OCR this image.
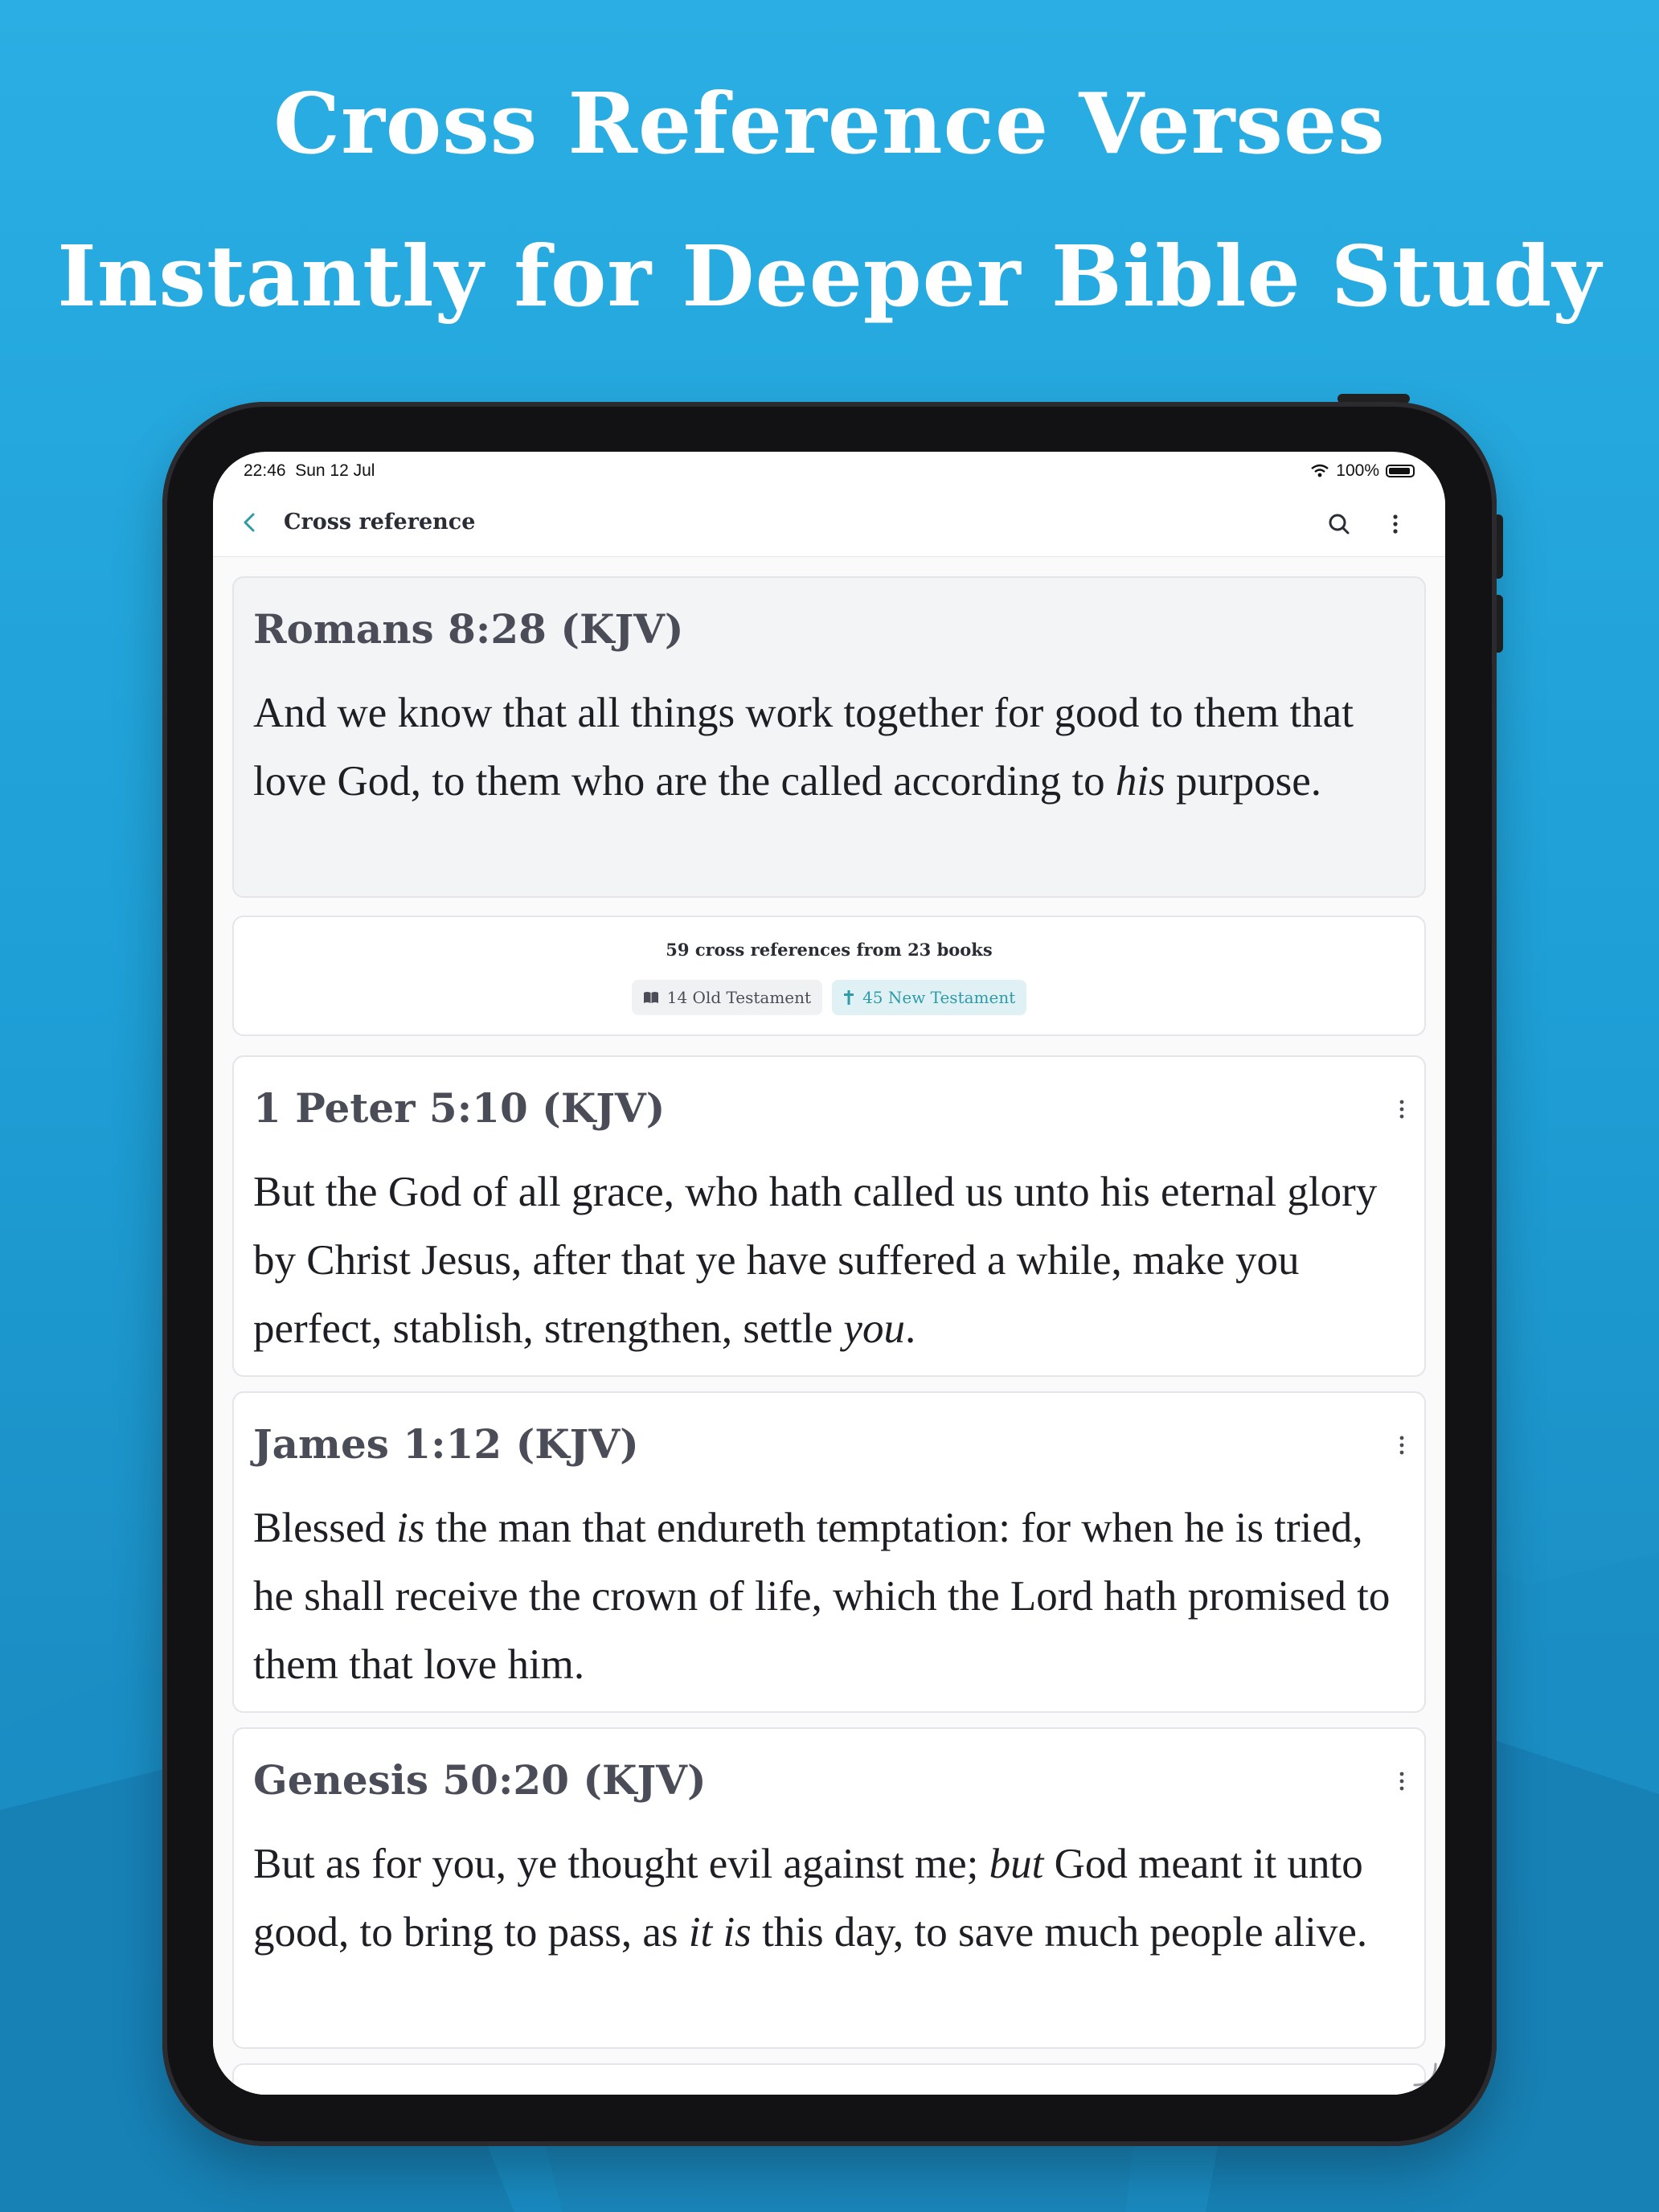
Cross Reference Verses
Instantly for Deeper Bible Study
22:46 Sun 12 Jul	100%
Cross reference
Romans 8:28 (KJV)
And we know that all things work together for good to them that love God, to them who are the called according to his purpose.
59 cross references from 23 books
14 Old Testament	45 New Testament
1 Peter 5:10 (KJV)
But the God of all grace, who hath called us unto his eternal glory by Christ Jesus, after that ye have suffered a while, make you perfect, stablish, strengthen, settle you.
James 1:12 (KJV)
Blessed is the man that endureth temptation: for when he is tried, he shall receive the crown of life, which the Lord hath promised to them that love him.
Genesis 50:20 (KJV)
But as for you, ye thought evil against me; but God meant it unto good, to bring to pass, as it is this day, to save much people alive.
